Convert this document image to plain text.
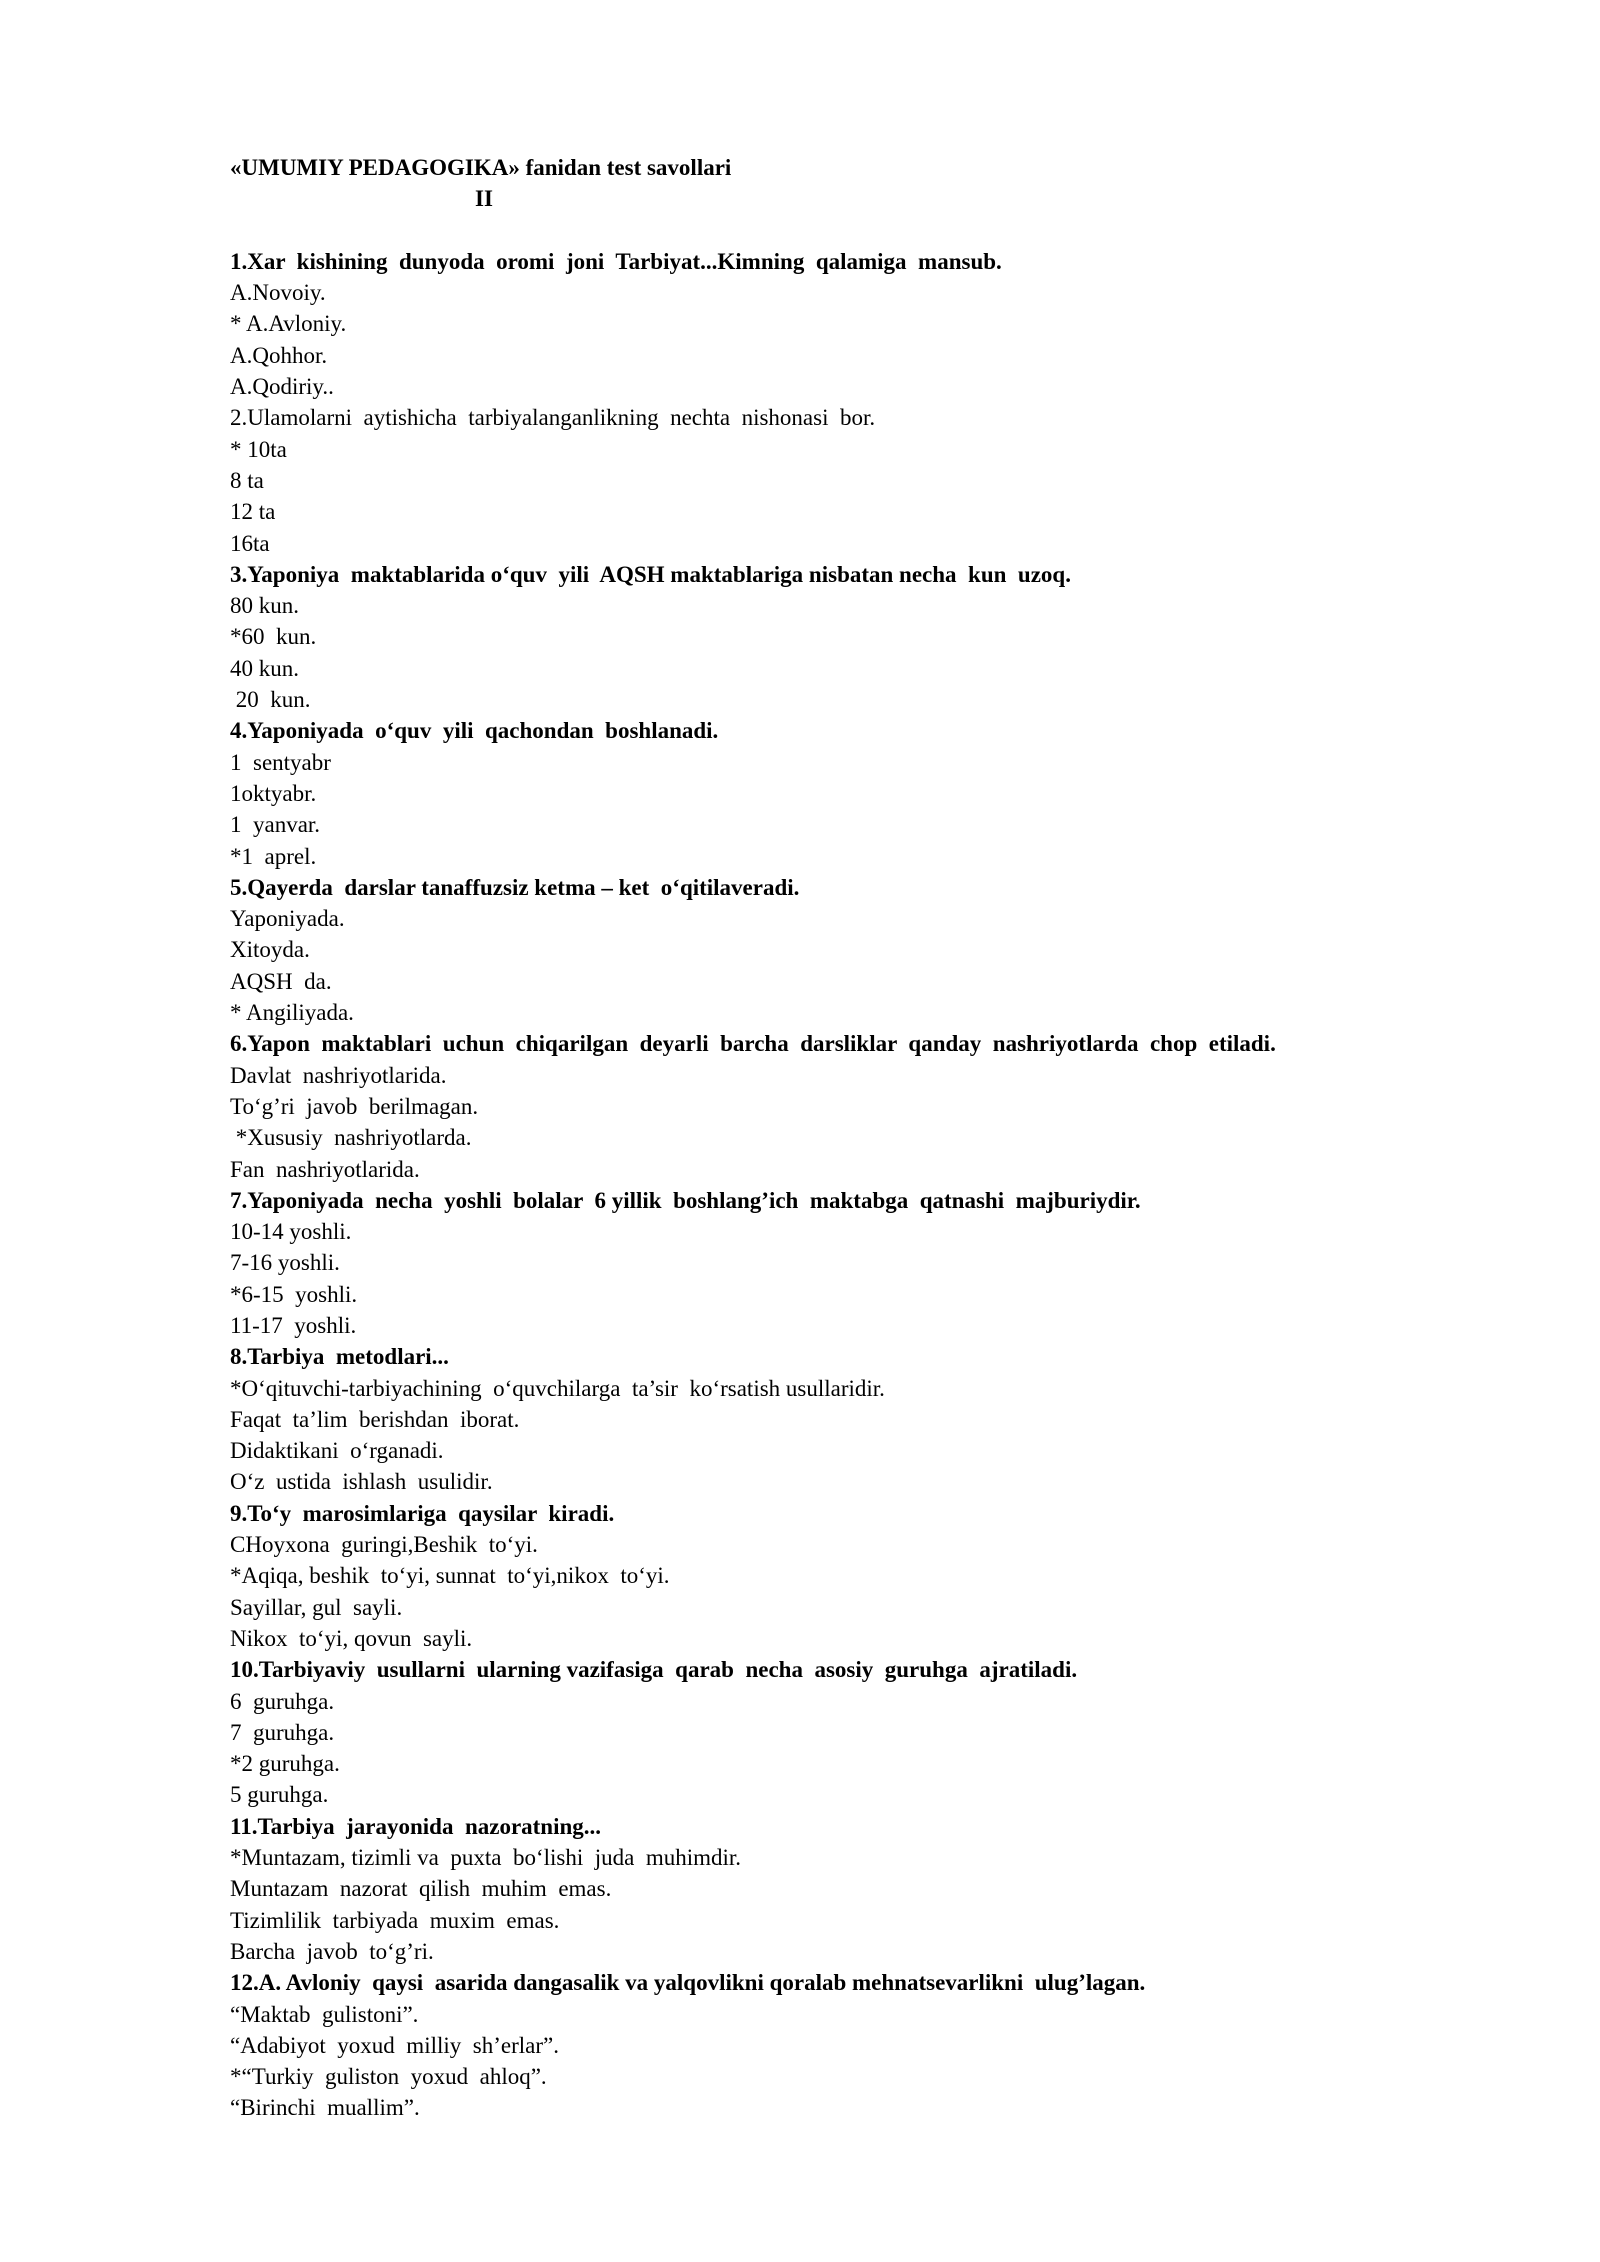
«UMUMIY PEDAGOGIKA» fanidan test savollari
II
1.Xar  kishining  dunyoda  oromi  joni  Tarbiyat...Kimning  qalamiga  mansub.
A.Novoiy.
* A.Avloniy.
A.Qohhor.
A.Qodiriy..
2.Ulamolarni  aytishicha  tarbiyalanganlikning  nechta  nishonasi  bor.
* 10ta
8 ta
12 ta
16ta
3.Yaponiya  maktablarida o‘quv  yili  AQSH maktablariga nisbatan necha  kun  uzoq.
80 kun.
*60  kun.
40 kun.
20  kun.
4.Yaponiyada  o‘quv  yili  qachondan  boshlanadi.
1  sentyabr
1oktyabr.
1  yanvar.
*1  aprel.
5.Qayerda  darslar tanaffuzsiz ketma – ket  o‘qitilaveradi.
Yaponiyada.
Xitoyda.
AQSH  da.
* Angiliyada.
6.Yapon  maktablari  uchun  chiqarilgan  deyarli  barcha  darsliklar  qanday  nashriyotlarda  chop  etiladi.
Davlat  nashriyotlarida.
To‘g’ri  javob  berilmagan.
*Xususiy  nashriyotlarda.
Fan  nashriyotlarida.
7.Yaponiyada  necha  yoshli  bolalar  6 yillik  boshlang’ich  maktabga  qatnashi  majburiydir.
10-14 yoshli.
7-16 yoshli.
*6-15  yoshli.
11-17  yoshli.
8.Tarbiya  metodlari...
*O‘qituvchi-tarbiyachining  o‘quvchilarga  ta’sir  ko‘rsatish usullaridir.
Faqat  ta’lim  berishdan  iborat.
Didaktikani  o‘rganadi.
O‘z  ustida  ishlash  usulidir.
9.To‘y  marosimlariga  qaysilar  kiradi.
CHoyxona  guringi,Beshik  to‘yi.
*Aqiqa, beshik  to‘yi, sunnat  to‘yi,nikox  to‘yi.
Sayillar, gul  sayli.
Nikox  to‘yi, qovun  sayli.
10.Tarbiyaviy  usullarni  ularning vazifasiga  qarab  necha  asosiy  guruhga  ajratiladi.
6  guruhga.
7  guruhga.
*2 guruhga.
5 guruhga.
11.Tarbiya  jarayonida  nazoratning...
*Muntazam, tizimli va  puxta  bo‘lishi  juda  muhimdir.
Muntazam  nazorat  qilish  muhim  emas.
Tizimlilik  tarbiyada  muxim  emas.
Barcha  javob  to‘g’ri.
12.A. Avloniy  qaysi  asarida dangasalik va yalqovlikni qoralab mehnatsevarlikni  ulug’lagan.
“Maktab  gulistoni”.
“Adabiyot  yoxud  milliy  sh’erlar”.
*“Turkiy  guliston  yoxud  ahloq”.
“Birinchi  muallim”.
